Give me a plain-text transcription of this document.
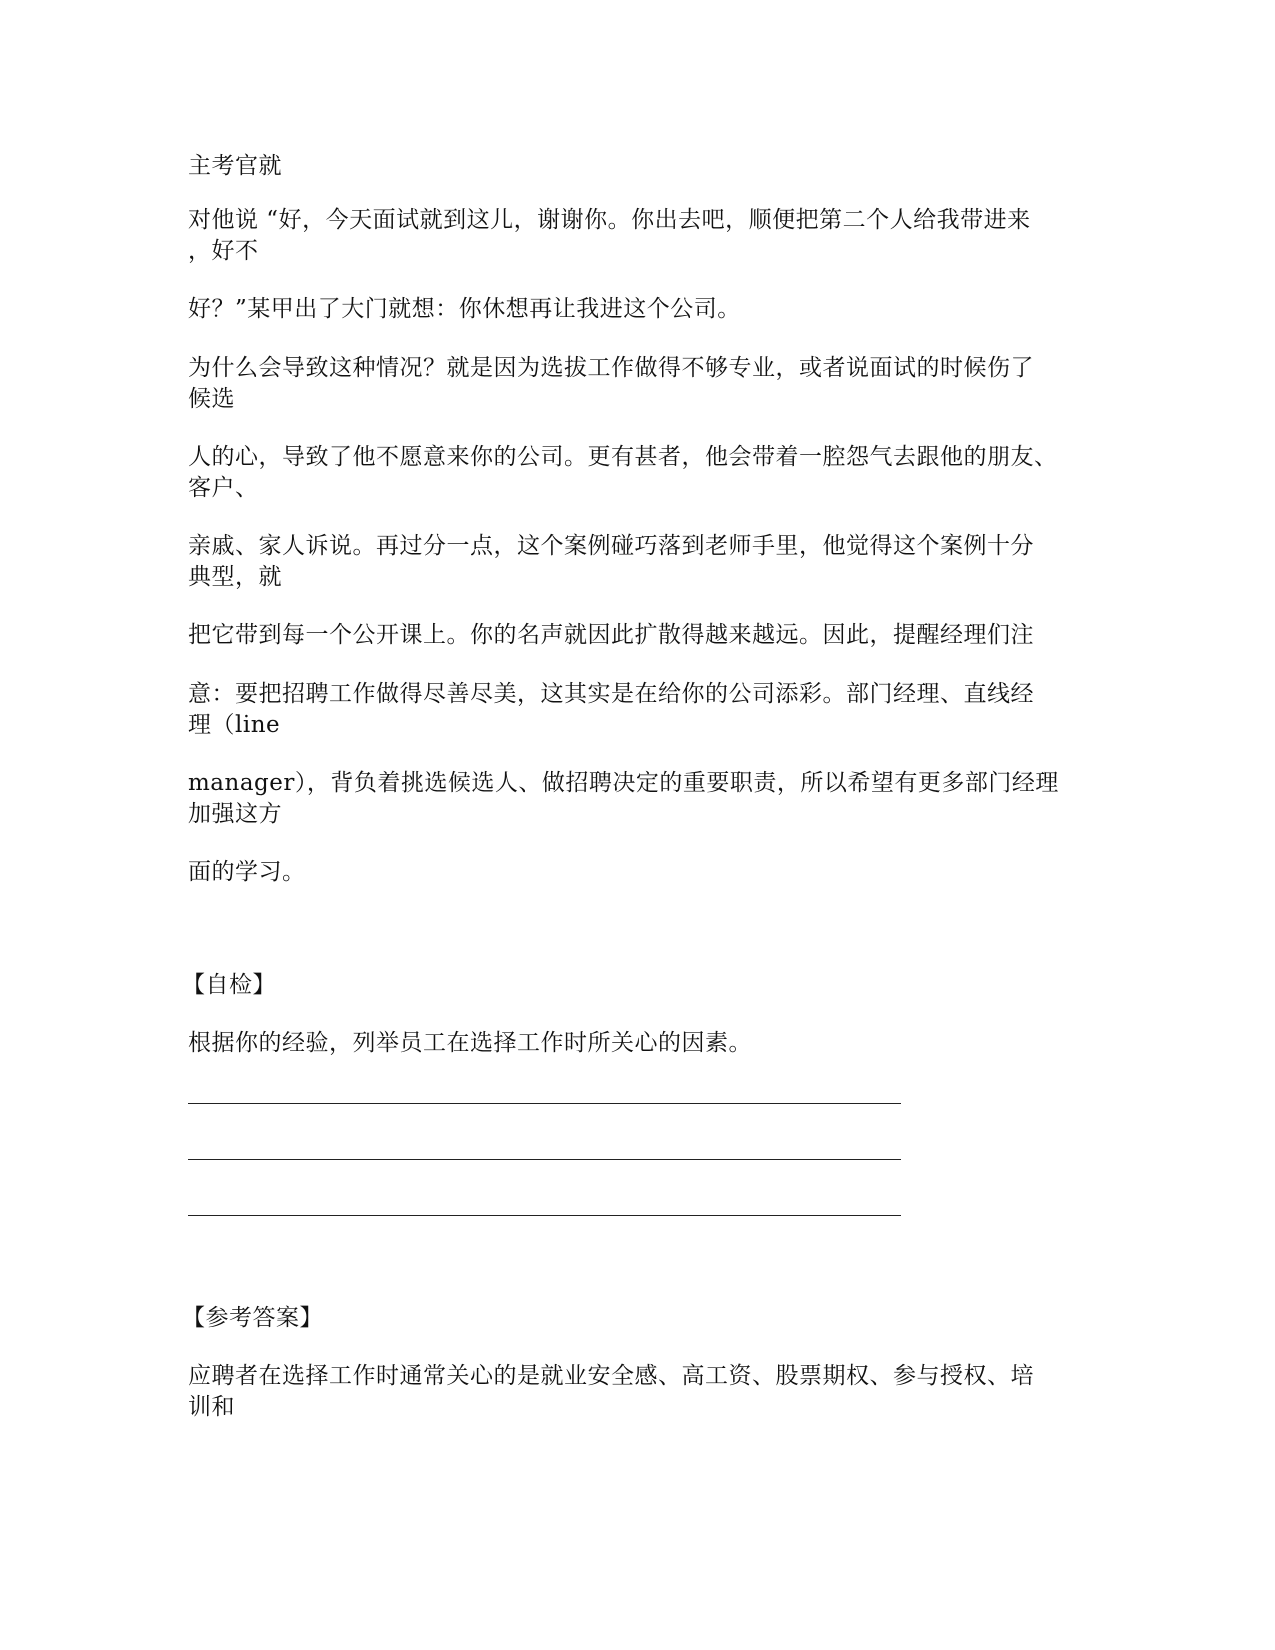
主考官就
对他说 “好，今天面试就到这儿，谢谢你。你出去吧，顺便把第二个人给我带进来
，好不
好？”某甲出了大门就想：你休想再让我进这个公司。
为什么会导致这种情况？就是因为选拔工作做得不够专业，或者说面试的时候伤了
候选
人的心，导致了他不愿意来你的公司。更有甚者，他会带着一腔怨气去跟他的朋友、
客户、
亲戚、家人诉说。再过分一点，这个案例碰巧落到老师手里，他觉得这个案例十分
典型，就
把它带到每一个公开课上。你的名声就因此扩散得越来越远。因此，提醒经理们注
意：要把招聘工作做得尽善尽美，这其实是在给你的公司添彩。部门经理、直线经
理（line
manager），背负着挑选候选人、做招聘决定的重要职责，所以希望有更多部门经理
加强这方
面的学习。
【自检】
根据你的经验，列举员工在选择工作时所关心的因素。
【参考答案】
应聘者在选择工作时通常关心的是就业安全感、高工资、股票期权、参与授权、培
训和
